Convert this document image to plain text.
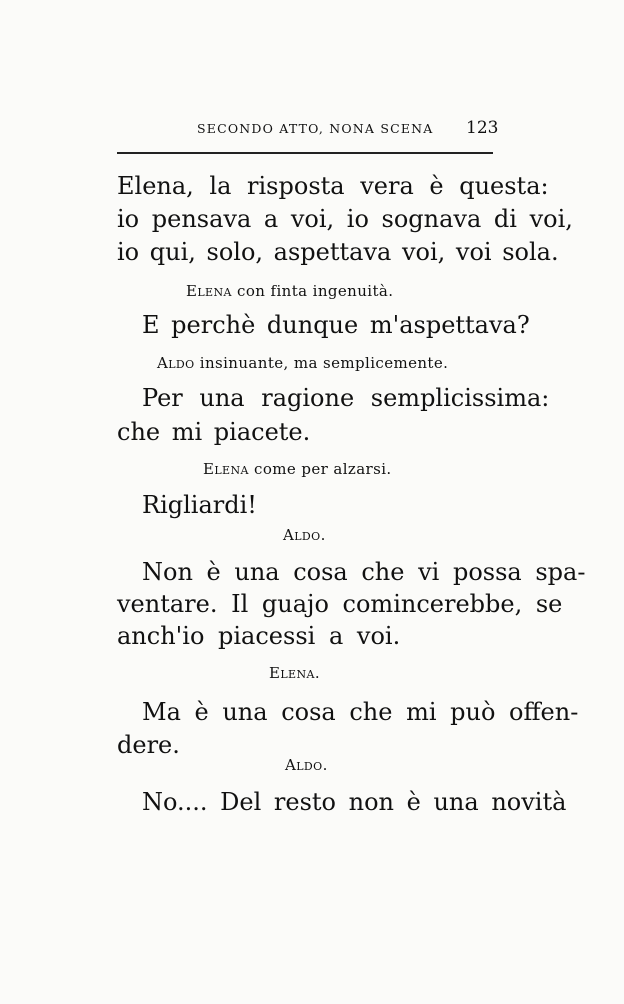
SECONDO ATTO, NONA SCENA 123
Elena, la risposta vera è questa:
io pensava a voi, io sognava di voi,
io qui, solo, aspettava voi, voi sola.
Elena con finta ingenuità.
E perchè dunque m'aspettava?
Aldo insinuante, ma semplicemente.
Per una ragione semplicissima:
che mi piacete.
Elena come per alzarsi.
Rigliardi!
Aldo.
Non è una cosa che vi possa spa-
ventare. Il guajo comincerebbe, se
anch'io piacessi a voi.
Elena.
Ma è una cosa che mi può offen-
dere.
Aldo.
No.... Del resto non è una novità
